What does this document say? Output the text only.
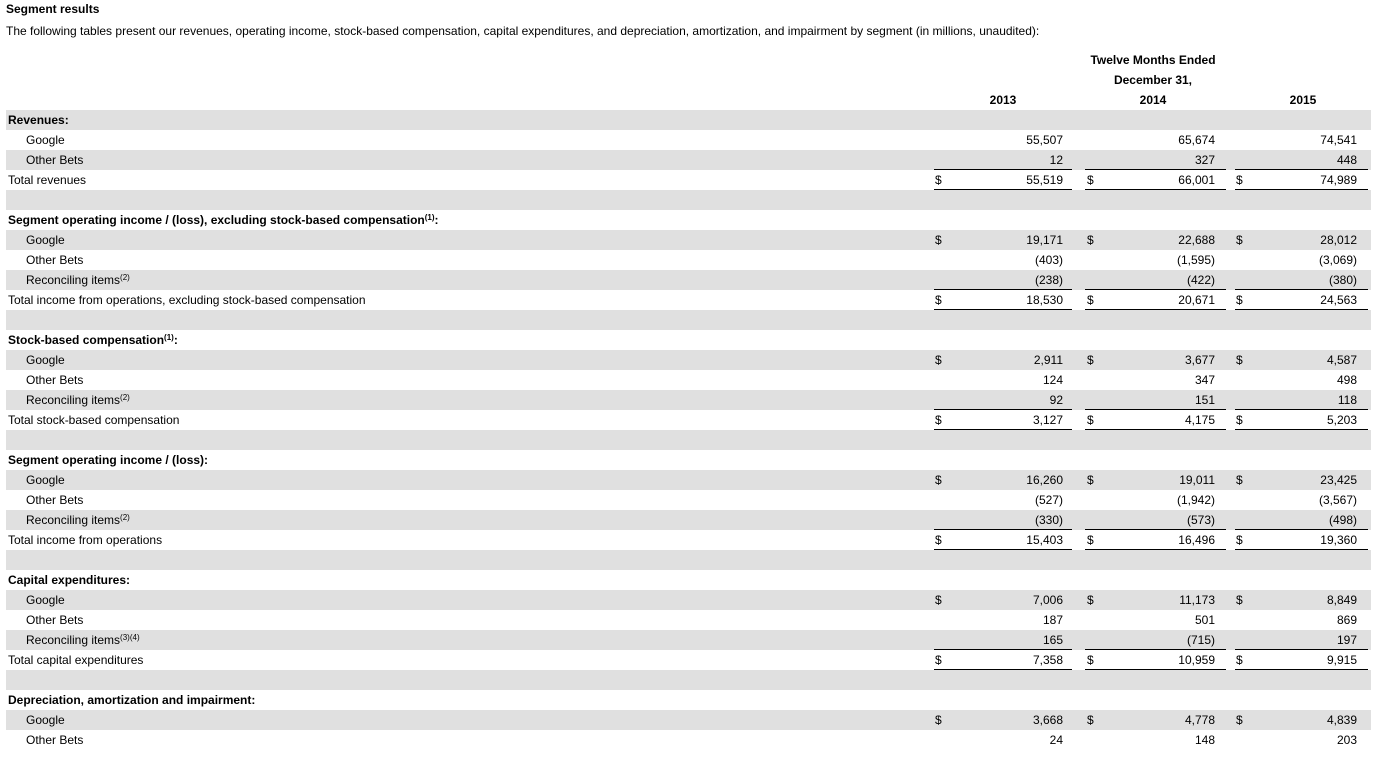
Segment results
The following tables present our revenues, operating income, stock-based compensation, capital expenditures, and depreciation, amortization, and impairment by segment (in millions, unaudited):
Twelve Months Ended
December 31,
2013	2014	2015
Revenues:
Google	55,507	65,674	74,541
Other Bets	12	327	448
Total revenues	$	55,519 $	66,001 $	74,989
Segment operating income / (loss), excluding stock-based compensation$^{(1)}$:
Google	$	19,171 $	22,688 $	28,012
Other Bets	(403)	(1,595)	(3,069)
Reconciling items$^{(2)}$	(238)	(422)	(380)
Total income from operations, excluding stock-based compensation	$	18,530 $	20,671 $	24,563
Stock-based compensation$^{(1)}$:
Google	$	2,911 $	3,677 $	4,587
Other Bets	124	347	498
Reconciling items$^{(2)}$	92	151	118
Total stock-based compensation	$	3,127 $	4,175 $	5,203
Segment operating income / (loss):
Google	$	16,260 $	19,011 $	23,425
Other Bets	(527)	(1,942)	(3,567)
Reconciling items$^{(2)}$	(330)	(573)	(498)
Total income from operations	$	15,403 $	16,496 $	19,360
Capital expenditures:
Google	$	7,006 $	11,173 $	8,849
Other Bets	187	501	869
Reconciling items$^{(3)(4)}$	165	(715)	197
Total capital expenditures	$	7,358 $	10,959 $	9,915
Depreciation, amortization and impairment:
Google	$	3,668 $	4,778 $	4,839
Other Bets	24	148	203
